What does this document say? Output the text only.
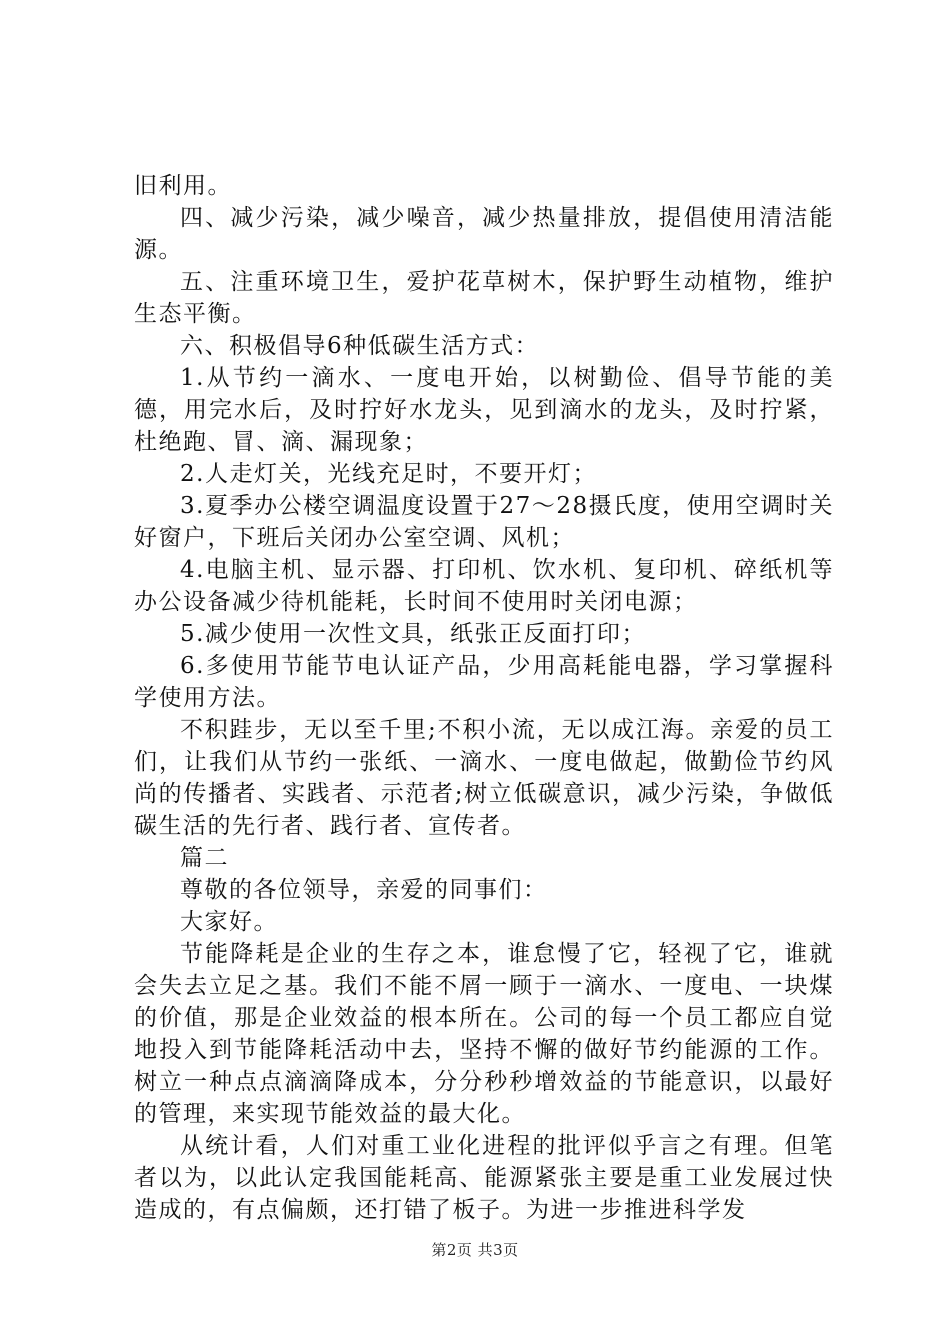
旧利用。

四、减少污染，减少噪音，减少热量排放，提倡使用清洁能源。

五、注重环境卫生，爱护花草树木，保护野生动植物，维护生态平衡。

六、积极倡导6种低碳生活方式：

1.从节约一滴水、一度电开始，以树勤俭、倡导节能的美德，用完水后，及时拧好水龙头，见到滴水的龙头，及时拧紧，杜绝跑、冒、滴、漏现象；

2.人走灯关，光线充足时，不要开灯；

3.夏季办公楼空调温度设置于27～28摄氏度，使用空调时关好窗户，下班后关闭办公室空调、风机；

4.电脑主机、显示器、打印机、饮水机、复印机、碎纸机等办公设备减少待机能耗，长时间不使用时关闭电源；

5.减少使用一次性文具，纸张正反面打印；

6.多使用节能节电认证产品，少用高耗能电器，学习掌握科学使用方法。

不积跬步，无以至千里;不积小流，无以成江海。亲爱的员工们，让我们从节约一张纸、一滴水、一度电做起，做勤俭节约风尚的传播者、实践者、示范者;树立低碳意识，减少污染，争做低碳生活的先行者、践行者、宣传者。

篇二

尊敬的各位领导，亲爱的同事们：

大家好。

节能降耗是企业的生存之本，谁怠慢了它，轻视了它，谁就会失去立足之基。我们不能不屑一顾于一滴水、一度电、一块煤的价值，那是企业效益的根本所在。公司的每一个员工都应自觉地投入到节能降耗活动中去，坚持不懈的做好节约能源的工作。树立一种点点滴滴降成本，分分秒秒增效益的节能意识，以最好的管理，来实现节能效益的最大化。

从统计看，人们对重工业化进程的批评似乎言之有理。但笔者以为，以此认定我国能耗高、能源紧张主要是重工业发展过快造成的，有点偏颇，还打错了板子。为进一步推进科学发

第2页 共3页
